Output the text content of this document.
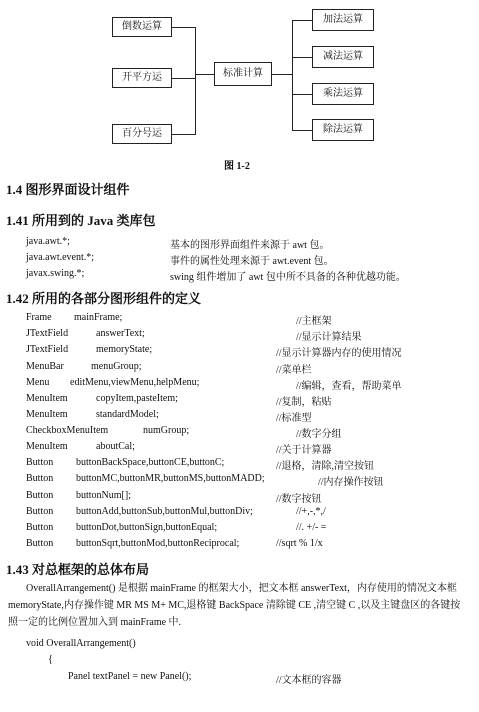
倒数运算
开平方运
百分号运
标准计算
加法运算
减法运算
乘法运算
除法运算
图 1-2
1.4 图形界面设计组件
1.41 所用到的 Java 类库包
java.awt.*;	基本的图形界面组件来源于 awt 包。
java.awt.event.*;	事件的属性处理来源于 awt.event 包。
javax.swing.*;	swing 组件增加了 awt 包中所不具备的各种优越功能。
1.42 所用的各部分图形组件的定义
Frame mainFrame;	//主框架
JTextField	answerText;	//显示计算结果
JTextField	memoryState;	//显示计算器内存的使用情况
MenuBar	menuGroup;	//菜单栏
Menu editMenu,viewMenu,helpMenu;	//编辑，查看，帮助菜单
MenuItem	copyItem,pasteItem;	//复制，粘贴
MenuItem	standardModel;	//标准型
CheckboxMenuItem	numGroup;	//数字分组
MenuItem	aboutCal;	//关于计算器
Button buttonBackSpace,buttonCE,buttonC;	//退格，清除,清空按钮
Button buttonMC,buttonMR,buttonMS,buttonMADD;	//内存操作按钮
Button buttonNum[];	//数字按钮
Button buttonAdd,buttonSub,buttonMul,buttonDiv;	//+,-,*,/
Button buttonDot,buttonSign,buttonEqual;	//. +/- =
Button buttonSqrt,buttonMod,buttonReciprocal;	//sqrt % 1/x
1.43 对总框架的总体布局
OverallArrangement() 是根据 mainFrame 的框架大小，把文本框 answerText，内存使用的情况文本框 memoryState,内存操作键 MR MS M+ MC,退格键 BackSpace 清除键 CE ,清空键 C ,以及主键盘区的各键按照一定的比例位置加入到 mainFrame 中.
void OverallArrangement()
{
Panel textPanel = new Panel();	//文本框的容器
